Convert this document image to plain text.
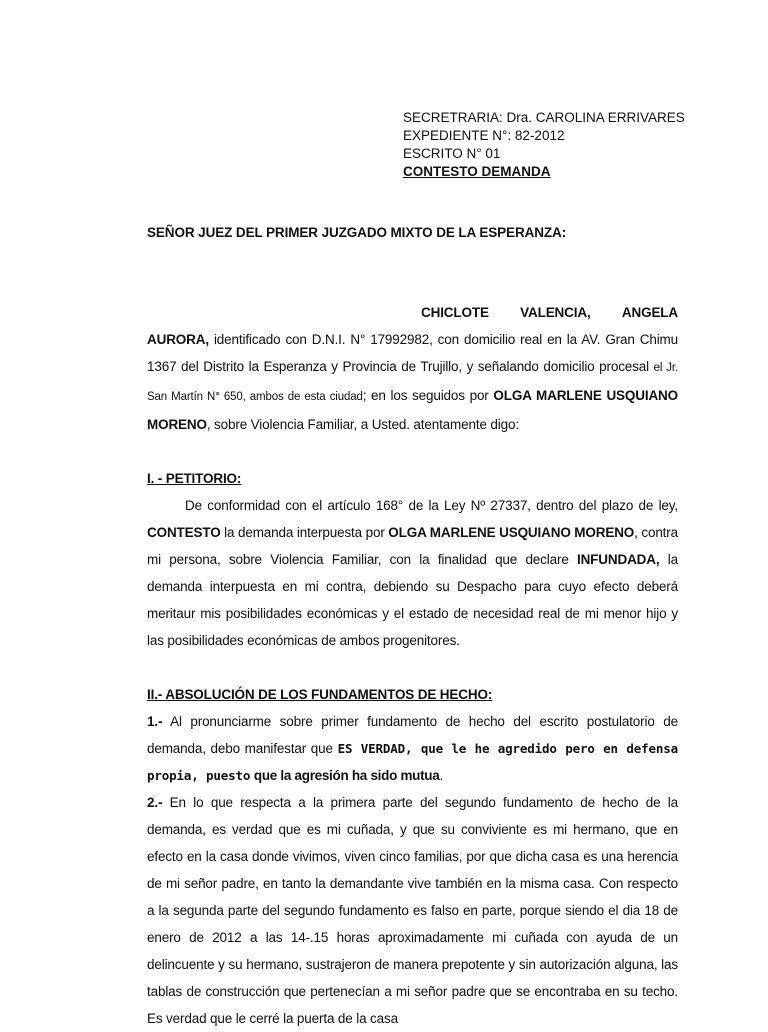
SECRETRARIA: Dra. CAROLINA ERRIVARES
EXPEDIENTE N°: 82-2012
ESCRITO N° 01
CONTESTO DEMANDA
SEÑOR JUEZ DEL PRIMER JUZGADO MIXTO DE LA ESPERANZA:
CHICLOTE VALENCIA, ANGELA

AURORA, identificado con D.N.I. N° 17992982, con domicilio real en la AV. Gran Chimu 1367 del Distrito la Esperanza y Provincia de Trujillo, y señalando domicilio procesal el Jr. San Martín N° 650, ambos de esta ciudad; en los seguidos por OLGA MARLENE USQUIANO MORENO, sobre Violencia Familiar, a Usted. atentamente digo:

I. - PETITORIO:

De conformidad con el artículo 168° de la Ley Nº 27337, dentro del plazo de ley, CONTESTO la demanda interpuesta por OLGA MARLENE USQUIANO MORENO, contra mi persona, sobre Violencia Familiar, con la finalidad que declare INFUNDADA, la demanda interpuesta en mi contra, debiendo su Despacho para cuyo efecto deberá meritaur mis posibilidades económicas y el estado de necesidad real de mi menor hijo y las posibilidades económicas de ambos progenitores.

II.- ABSOLUCIÓN DE LOS FUNDAMENTOS DE HECHO:

1.- Al pronunciarme sobre primer fundamento de hecho del escrito postulatorio de demanda, debo manifestar que ES VERDAD, que le he agredido pero en defensa propia, puesto que la agresión ha sido mutua.

2.- En lo que respecta a la primera parte del segundo fundamento de hecho de la demanda, es verdad que es mi cuñada, y que su conviviente es mi hermano, que en efecto en la casa donde vivimos, viven cinco familias, por que dicha casa es una herencia de mi señor padre, en tanto la demandante vive también en la misma casa. Con respecto a la segunda parte del segundo fundamento es falso en parte, porque siendo el dia 18 de enero de 2012 a las 14-.15 horas aproximadamente mi cuñada con ayuda de un delincuente y su hermano, sustrajeron de manera prepotente y sin autorización alguna, las tablas de construcción que pertenecían a mi señor padre que se encontraba en su techo. Es verdad que le cerré la puerta de la casa
